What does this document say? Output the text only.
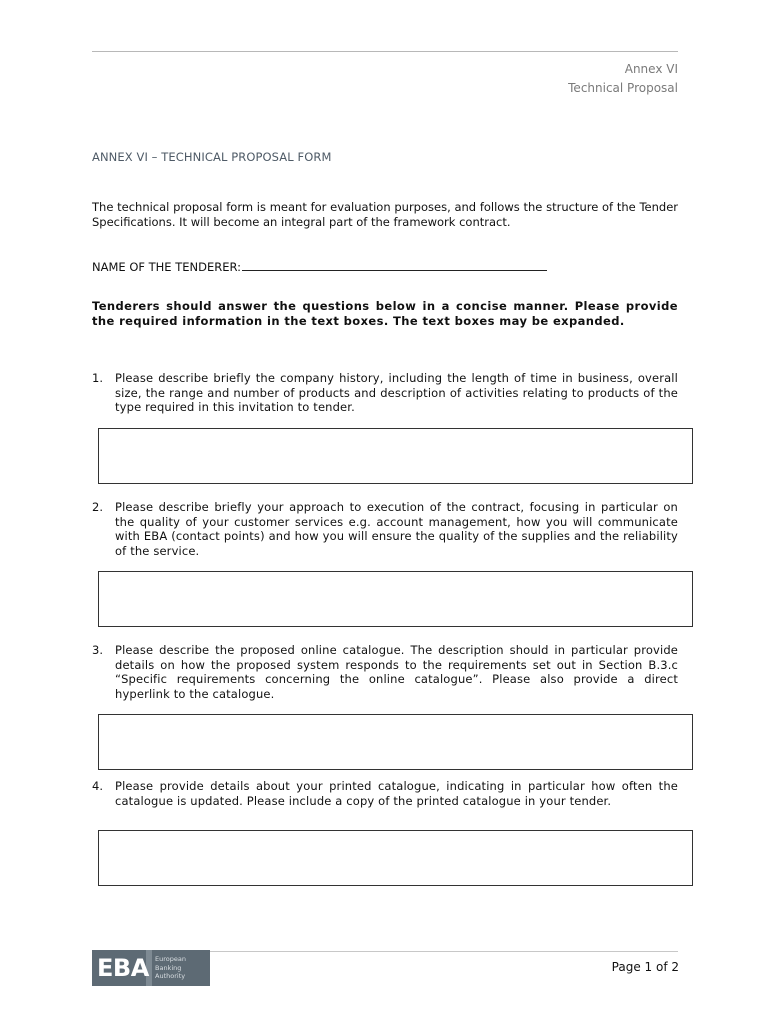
Annex VI
Technical Proposal
ANNEX VI – TECHNICAL PROPOSAL FORM

The technical proposal form is meant for evaluation purposes, and follows the structure of the Tender Specifications. It will become an integral part of the framework contract.

NAME OF THE TENDERER:

Tenderers should answer the questions below in a concise manner. Please provide the required information in the text boxes. The text boxes may be expanded.

1.	Please describe briefly the company history, including the length of time in business, overall size, the range and number of products and description of activities relating to products of the type required in this invitation to tender.

2.	Please describe briefly your approach to execution of the contract, focusing in particular on the quality of your customer services e.g. account management, how you will communicate with EBA (contact points) and how you will ensure the quality of the supplies and the reliability of the service.

3.	Please describe the proposed online catalogue. The description should in particular provide details on how the proposed system responds to the requirements set out in Section B.3.c “Specific requirements concerning the online catalogue”. Please also provide a direct hyperlink to the catalogue.

4.	Please provide details about your printed catalogue, indicating in particular how often the catalogue is updated. Please include a copy of the printed catalogue in your tender.

EBA European
Banking
Authority
Page 1 of 2
